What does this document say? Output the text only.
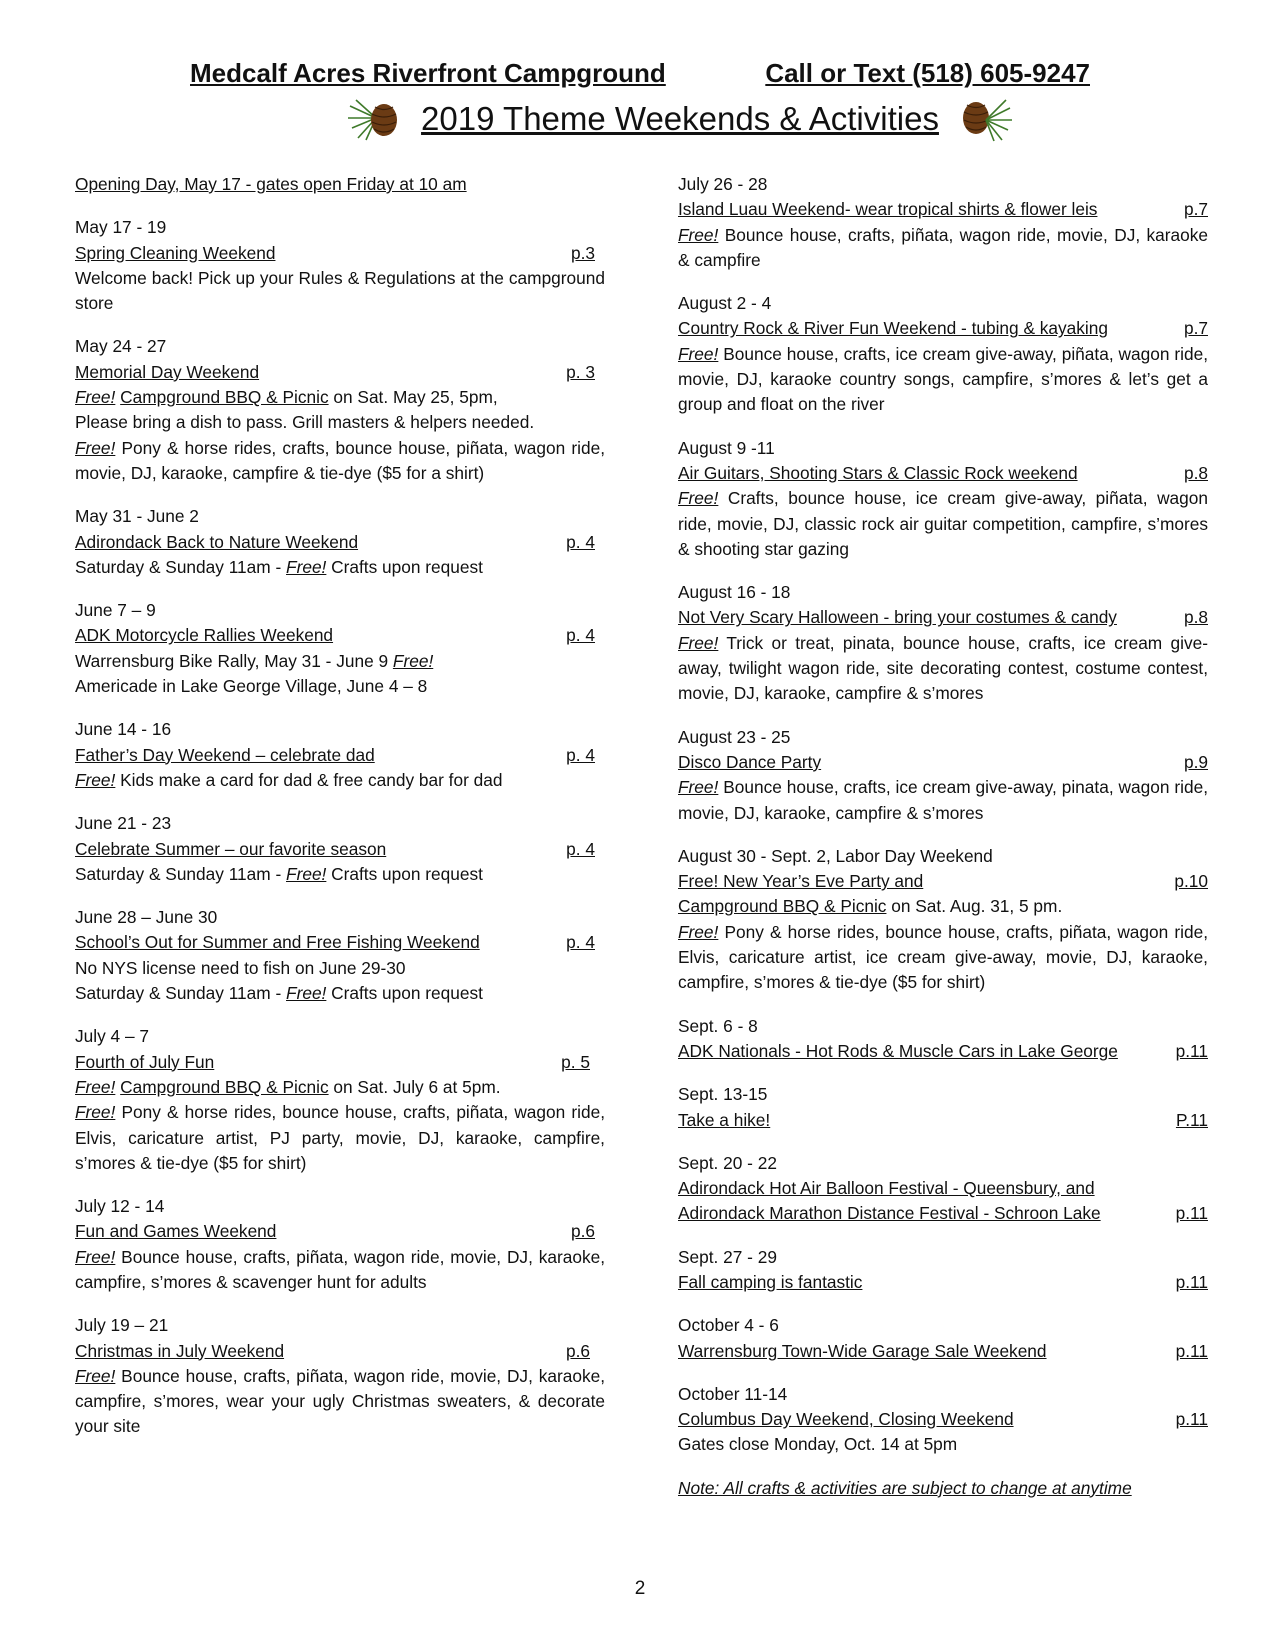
Medcalf Acres Riverfront Campground	Call or Text (518) 605-9247
2019 Theme Weekends & Activities
Opening Day, May 17 - gates open Friday at 10 am
May 17 - 19
Spring Cleaning Weekend	p.3
Welcome back! Pick up your Rules & Regulations at the campground store
May 24 - 27
Memorial Day Weekend	p. 3
Free! Campground BBQ & Picnic on Sat. May 25, 5pm,
Please bring a dish to pass. Grill masters & helpers needed.
Free! Pony & horse rides, crafts, bounce house, piñata, wagon ride, movie, DJ, karaoke, campfire & tie-dye ($5 for a shirt)
May 31 - June 2
Adirondack Back to Nature Weekend	p. 4
Saturday & Sunday 11am - Free! Crafts upon request
June 7 – 9
ADK Motorcycle Rallies Weekend	p. 4
Warrensburg Bike Rally, May 31 - June 9 Free!
Americade in Lake George Village, June 4 – 8
June 14 - 16
Father’s Day Weekend – celebrate dad	p. 4
Free! Kids make a card for dad & free candy bar for dad
June 21 - 23
Celebrate Summer – our favorite season	p. 4
Saturday & Sunday 11am - Free! Crafts upon request
June 28 – June 30
School’s Out for Summer and Free Fishing Weekend	p. 4
No NYS license need to fish on June 29-30
Saturday & Sunday 11am - Free! Crafts upon request
July 4 – 7
Fourth of July Fun	p. 5
Free! Campground BBQ & Picnic on Sat. July 6 at 5pm.
Free! Pony & horse rides, bounce house, crafts, piñata, wagon ride, Elvis, caricature artist, PJ party, movie, DJ, karaoke, campfire, s’mores & tie-dye ($5 for shirt)
July 12 - 14
Fun and Games Weekend	p.6
Free! Bounce house, crafts, piñata, wagon ride, movie, DJ, karaoke, campfire, s’mores & scavenger hunt for adults
July 19 – 21
Christmas in July Weekend	p.6
Free! Bounce house, crafts, piñata, wagon ride, movie, DJ, karaoke, campfire, s’mores, wear your ugly Christmas sweaters, & decorate your site
July 26 - 28
Island Luau Weekend- wear tropical shirts & flower leis	p.7
Free! Bounce house, crafts, piñata, wagon ride, movie, DJ, karaoke & campfire
August 2 - 4
Country Rock & River Fun Weekend - tubing & kayaking	p.7
Free! Bounce house, crafts, ice cream give-away, piñata, wagon ride, movie, DJ, karaoke country songs, campfire, s’mores & let’s get a group and float on the river
August 9 -11
Air Guitars, Shooting Stars & Classic Rock weekend	p.8
Free! Crafts, bounce house, ice cream give-away, piñata, wagon ride, movie, DJ, classic rock air guitar competition, campfire, s’mores & shooting star gazing
August 16 - 18
Not Very Scary Halloween - bring your costumes & candy	p.8
Free! Trick or treat, pinata, bounce house, crafts, ice cream give-away, twilight wagon ride, site decorating contest, costume contest, movie, DJ, karaoke, campfire & s’mores
August 23 - 25
Disco Dance Party	p.9
Free! Bounce house, crafts, ice cream give-away, pinata, wagon ride, movie, DJ, karaoke, campfire & s’mores
August 30 - Sept. 2, Labor Day Weekend
Free! New Year’s Eve Party and	p.10
Campground BBQ & Picnic on Sat. Aug. 31, 5 pm.
Free! Pony & horse rides, bounce house, crafts, piñata, wagon ride, Elvis, caricature artist, ice cream give-away, movie, DJ, karaoke, campfire, s’mores & tie-dye ($5 for shirt)
Sept. 6 - 8
ADK Nationals - Hot Rods & Muscle Cars in Lake George	p.11
Sept. 13-15
Take a hike!	P.11
Sept. 20 - 22
Adirondack Hot Air Balloon Festival - Queensbury, and
Adirondack Marathon Distance Festival - Schroon Lake	p.11
Sept. 27 - 29
Fall camping is fantastic	p.11
October 4 - 6
Warrensburg Town-Wide Garage Sale Weekend	p.11
October 11-14
Columbus Day Weekend, Closing Weekend	p.11
Gates close Monday, Oct. 14 at 5pm
Note: All crafts & activities are subject to change at anytime
2
